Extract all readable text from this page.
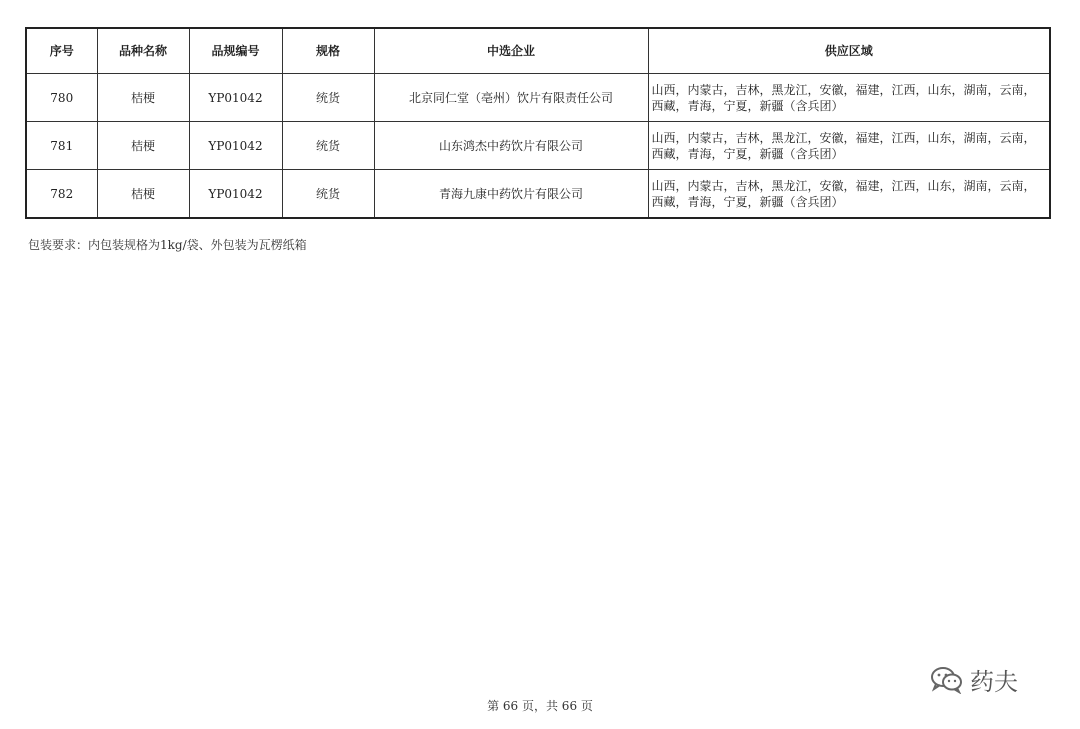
序号	品种名称	品规编号	规格	中选企业	供应区域
780	桔梗	YP01042	统货	北京同仁堂（亳州）饮片有限责任公司	山西，内蒙古，吉林，黑龙江，安徽，福建，江西，山东，湖南，云南，西藏，青海，宁夏，新疆（含兵团）
781	桔梗	YP01042	统货	山东鸿杰中药饮片有限公司	山西，内蒙古，吉林，黑龙江，安徽，福建，江西，山东，湖南，云南，西藏，青海，宁夏，新疆（含兵团）
782	桔梗	YP01042	统货	青海九康中药饮片有限公司	山西，内蒙古，吉林，黑龙江，安徽，福建，江西，山东，湖南，云南，西藏，青海，宁夏，新疆（含兵团）
包装要求：内包装规格为1kg/袋、外包装为瓦楞纸箱
第 66 页，共 66 页
药夫
